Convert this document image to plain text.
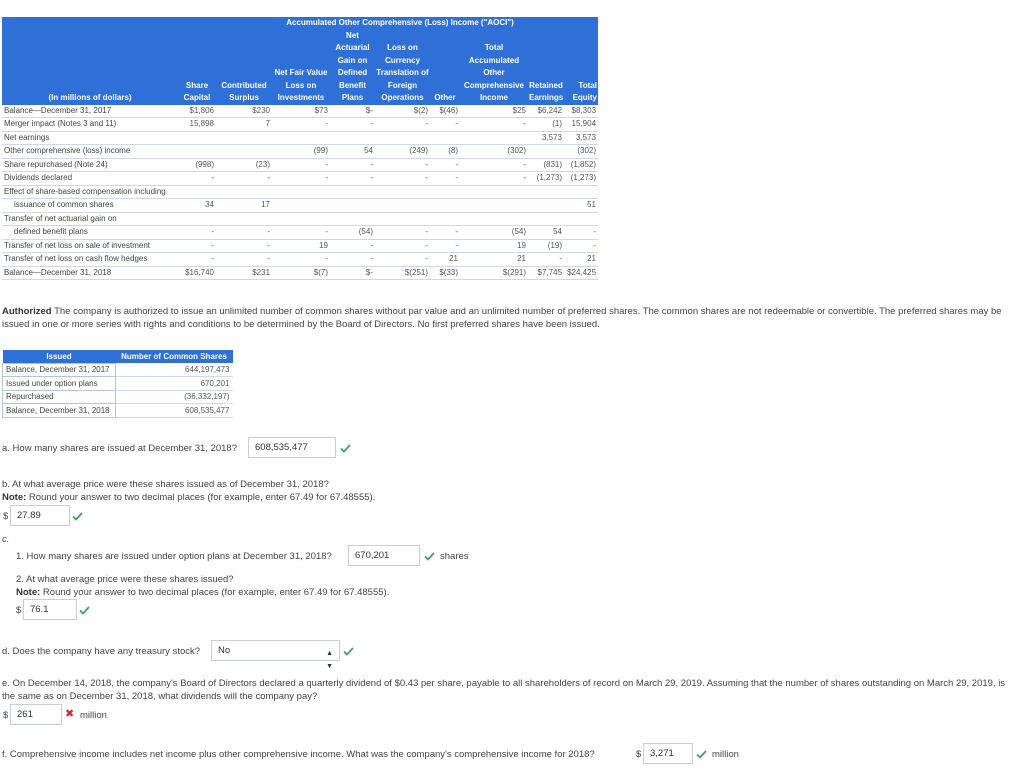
			Accumulated Other Comprehensive (Loss) Income ("AOCI")						
(In millions of dollars)	Share Capital	Contributed Surplus	Net Fair Value Loss on Investments	Net Actuarial Gain on Defined Benefit Plans	Loss on Currency Translation of Foreign Operations	Other	Total Accumulated Other Comprehensive Income	Retained Earnings	Total Equity
Balance—December 31, 2017	$1,806	$230	$73	$-	$(2)	$(46)	$25	$6,242	$8,303
Merger impact (Notes 3 and 11)	15,898	7	-	-	-	-	-	(1)	15,904
Net earnings								3,573	3,573
Other comprehensive (loss) income			(99)	54	(249)	(8)	(302)		(302)
Share repurchased (Note 24)	(998)	(23)	-	-	-	-	-	(831)	(1,852)
Dividends declared	-	-	-	-	-	-	-	(1,273)	(1,273)
Effect of share-based compensation including									
issuance of common shares	34	17							51
Transfer of net actuarial gain on									
defined benefit plans	-	-	-	(54)	-	-	(54)	54	-
Transfer of net loss on sale of investment	-	-	19	-	-	-	19	(19)	-
Transfer of net loss on cash flow hedges	-	-	-	-	-	21	21	-	21
Balance—December 31, 2018	$16,740	$231	$(7)	$-	$(251)	$(33)	$(291)	$7,745	$24,425
Authorized The company is authorized to issue an unlimited number of common shares without par value and an unlimited number of preferred shares. The common shares are not redeemable or convertible. The preferred shares may be issued in one or more series with rights and conditions to be determined by the Board of Directors. No first preferred shares have been issued.
Issued	Number of Common Shares
Balance, December 31, 2017	644,197,473
Issued under option plans	670,201
Repurchased	(36,332,197)
Balance, December 31, 2018	608,535,477
a. How many shares are issued at December 31, 2018?	608,535,477
b. At what average price were these shares issued as of December 31, 2018?
Note: Round your answer to two decimal places (for example, enter 67.49 for 67.48555).
$ 27.89
c.
1. How many shares are issued under option plans at December 31, 2018?	670,201	shares
2. At what average price were these shares issued?
Note: Round your answer to two decimal places (for example, enter 67.49 for 67.48555).
$ 76.1
d. Does the company have any treasury stock?	No	▲
▼
e. On December 14, 2018, the company's Board of Directors declared a quarterly dividend of $0.43 per share, payable to all shareholders of record on March 29, 2019. Assuming that the number of shares outstanding on March 29, 2019, is the same as on December 31, 2018, what dividends will the company pay?
$ 261	✖ million
f. Comprehensive income includes net income plus other comprehensive income. What was the company's comprehensive income for 2018?	$ 3,271	million
